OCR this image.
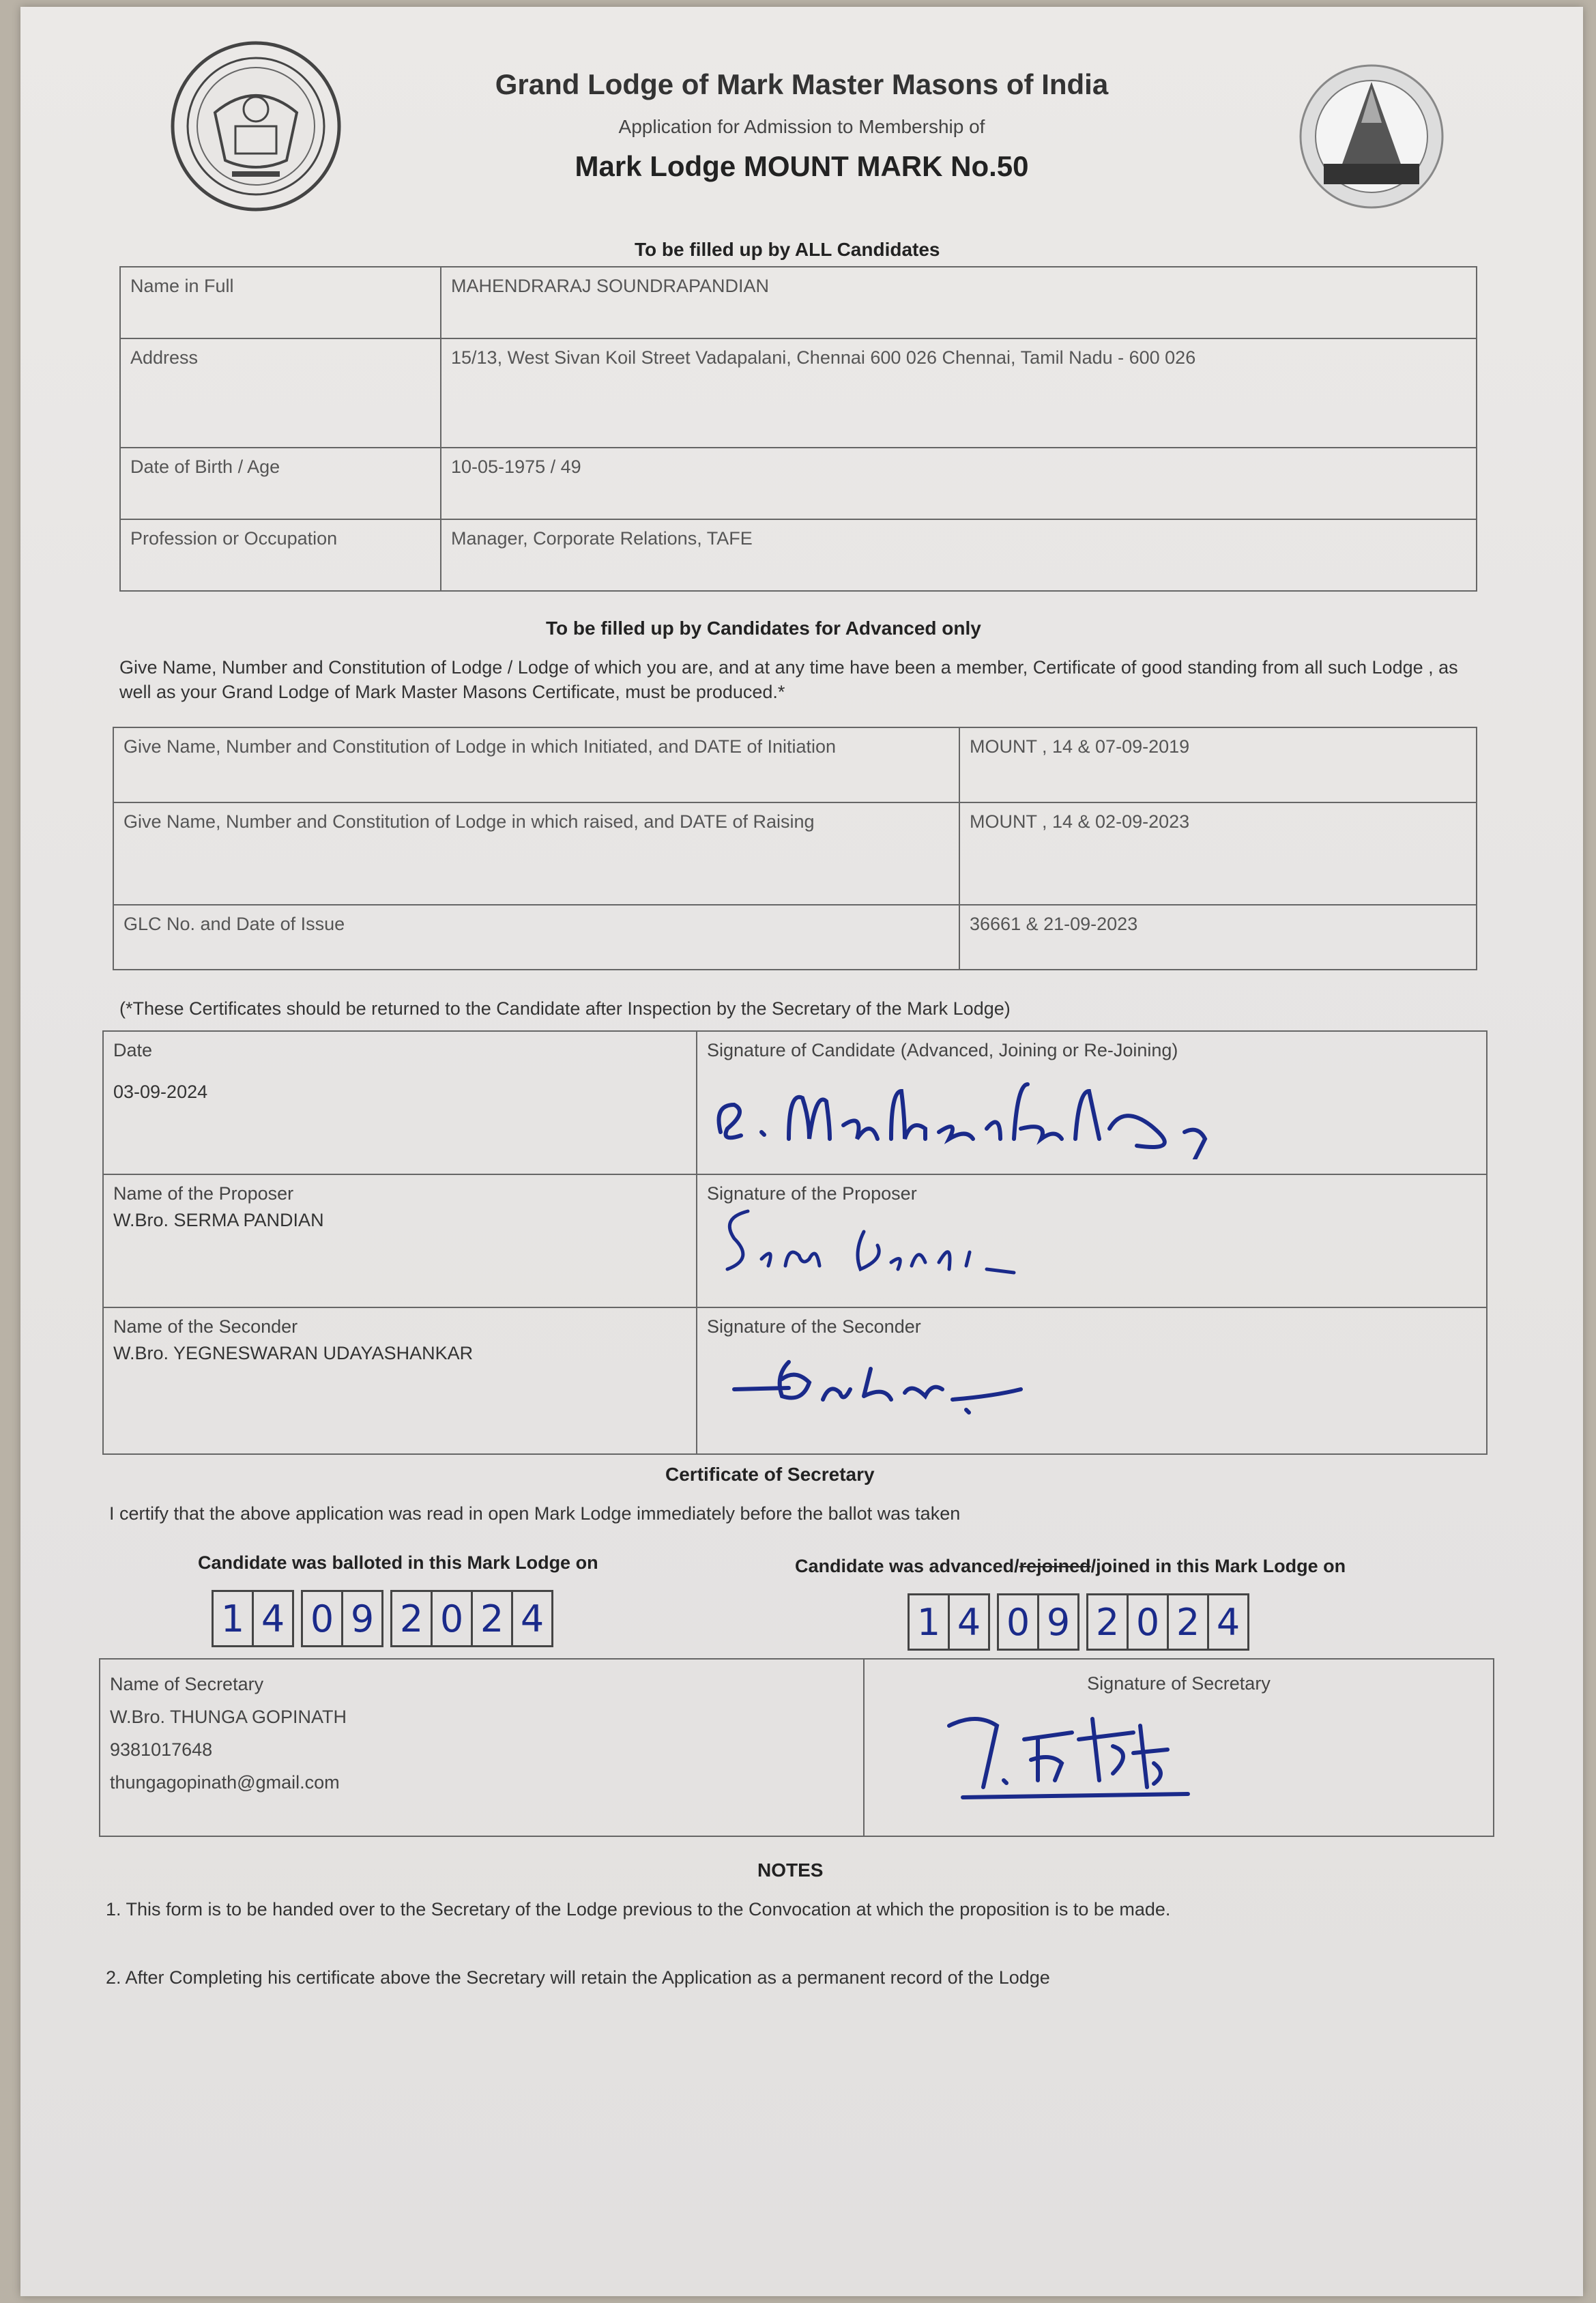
Grand Lodge of Mark Master Masons of India
Application for Admission to Membership of
Mark Lodge MOUNT MARK No.50
To be filled up by ALL Candidates
Name in Full	MAHENDRARAJ SOUNDRAPANDIAN
Address	15/13, West Sivan Koil Street Vadapalani, Chennai 600 026 Chennai, Tamil Nadu - 600 026
Date of Birth / Age	10-05-1975 / 49
Profession or Occupation	Manager, Corporate Relations, TAFE
To be filled up by Candidates for Advanced only
Give Name, Number and Constitution of Lodge / Lodge of which you are, and at any time have been a member, Certificate of good standing from all such Lodge , as well as your Grand Lodge of Mark Master Masons Certificate, must be produced.*
Give Name, Number and Constitution of Lodge in which Initiated, and DATE of Initiation	MOUNT , 14 & 07-09-2019
Give Name, Number and Constitution of Lodge in which raised, and DATE of Raising	MOUNT , 14 & 02-09-2023
GLC No. and Date of Issue	36661 & 21-09-2023
(*These Certificates should be returned to the Candidate after Inspection by the Secretary of the Mark Lodge)
Date
03-09-2024	Signature of Candidate (Advanced, Joining or Re-Joining)

Name of the Proposer
W.Bro. SERMA PANDIAN	Signature of the Proposer

Name of the Seconder
W.Bro. YEGNESWARAN UDAYASHANKAR	Signature of the Seconder
Certificate of Secretary
I certify that the above application was read in open Mark Lodge immediately before the ballot was taken
Candidate was balloted in this Mark Lodge on	Candidate was advanced/rejoined/joined in this Mark Lodge on
1 4 0 9 2 0 2 4	1 4 0 9 2 0 2 4
Name of Secretary
W.Bro. THUNGA GOPINATH
9381017648
thungagopinath@gmail.com

Signature of Secretary
NOTES
1. This form is to be handed over to the Secretary of the Lodge previous to the Convocation at which the proposition is to be made.
2. After Completing his certificate above the Secretary will retain the Application as a permanent record of the Lodge
